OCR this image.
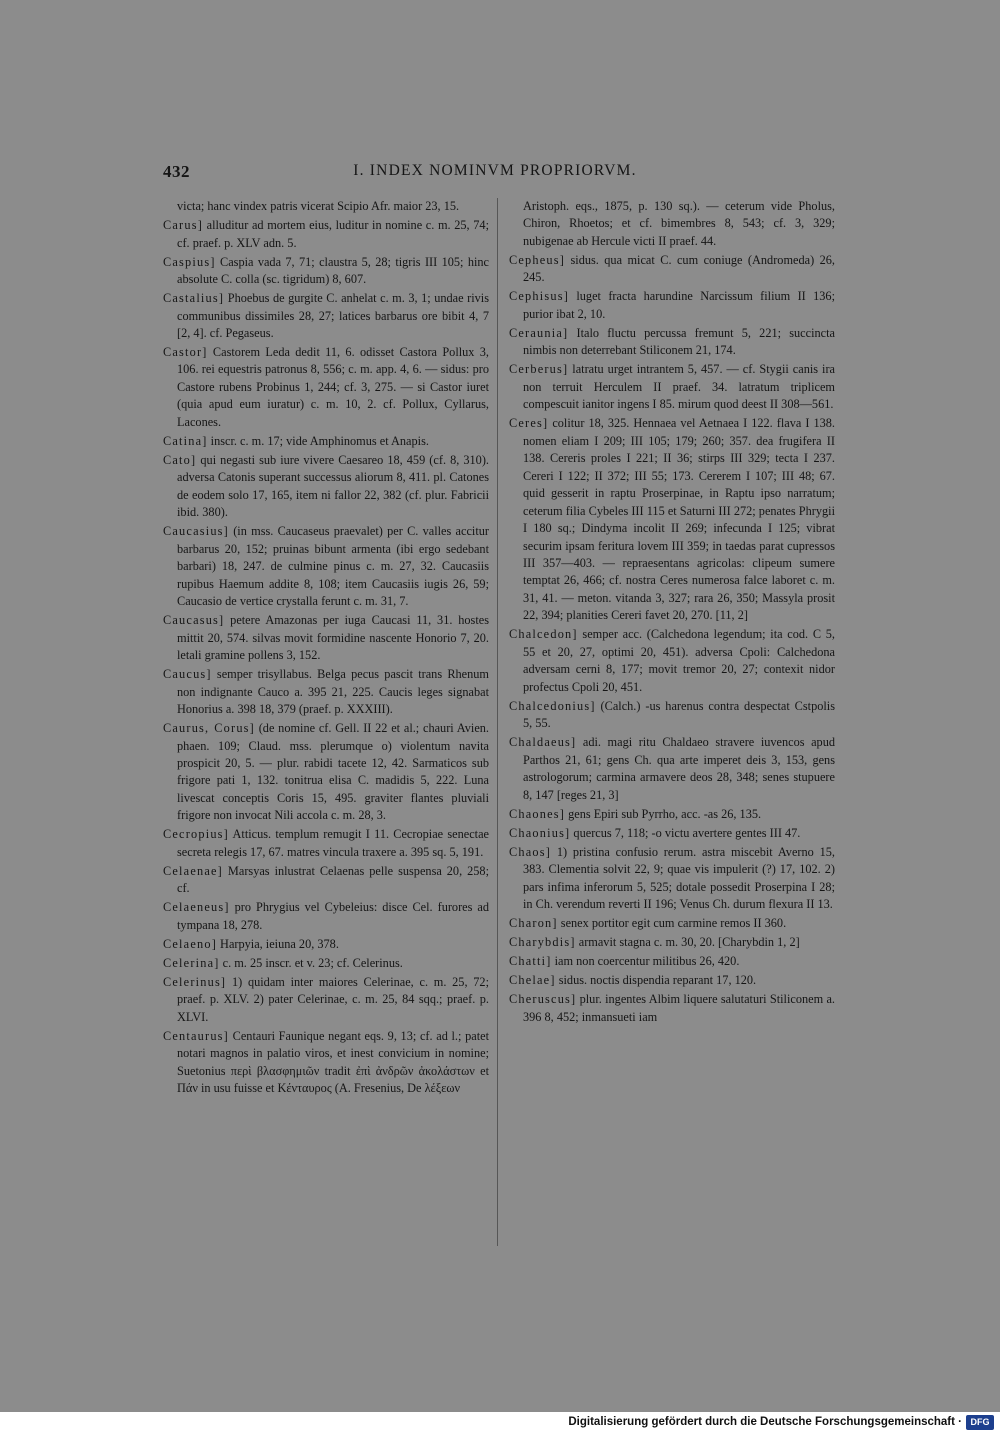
432	I. INDEX NOMINVM PROPRIORVM.

victa; hanc vindex patris vicerat Scipio Afr. maior 23, 15.

Carus] alluditur ad mortem eius, luditur in nomine c. m. 25, 74; cf. praef. p. XLV adn. 5.

Caspius] Caspia vada 7, 71; claustra 5, 28; tigris III 105; hinc absolute C. colla (sc. tigridum) 8, 607.

Castalius] Phoebus de gurgite C. anhelat c. m. 3, 1; undae rivis communibus dissimiles 28, 27; latices barbarus ore bibit 4, 7 [2, 4]. cf. Pegaseus.

Castor] Castorem Leda dedit 11, 6. odisset Castora Pollux 3, 106. rei equestris patronus 8, 556; c. m. app. 4, 6. — sidus: pro Castore rubens Probinus 1, 244; cf. 3, 275. — si Castor iuret (quia apud eum iuratur) c. m. 10, 2. cf. Pollux, Cyllarus, Lacones.

Catina] inscr. c. m. 17; vide Amphinomus et Anapis.

Cato] qui negasti sub iure vivere Caesareo 18, 459 (cf. 8, 310). adversa Catonis superant successus aliorum 8, 411. pl. Catones de eodem solo 17, 165, item ni fallor 22, 382 (cf. plur. Fabricii ibid. 380).

Caucasius] (in mss. Caucaseus praevalet) per C. valles accitur barbarus 20, 152; pruinas bibunt armenta (ibi ergo sedebant barbari) 18, 247. de culmine pinus c. m. 27, 32. Caucasiis rupibus Haemum addite 8, 108; item Caucasiis iugis 26, 59; Caucasio de vertice crystalla ferunt c. m. 31, 7.

Caucasus] petere Amazonas per iuga Caucasi 11, 31. hostes mittit 20, 574. silvas movit formidine nascente Honorio 7, 20. letali gramine pollens 3, 152.

Caucus] semper trisyllabus. Belga pecus pascit trans Rhenum non indignante Cauco a. 395 21, 225. Caucis leges signabat Honorius a. 398 18, 379 (praef. p. XXXIII).

Caurus, Corus] (de nomine cf. Gell. II 22 et al.; chauri Avien. phaen. 109; Claud. mss. plerumque o) violentum navita prospicit 20, 5. — plur. rabidi tacete 12, 42. Sarmaticos sub frigore pati 1, 132. tonitrua elisa C. madidis 5, 222. Luna livescat conceptis Coris 15, 495. graviter flantes pluviali frigore non invocat Nili accola c. m. 28, 3.

Cecropius] Atticus. templum remugit I 11. Cecropiae senectae secreta relegis 17, 67. matres vincula traxere a. 395 sq. 5, 191.

Celaenae] Marsyas inlustrat Celaenas pelle suspensa 20, 258; cf.

Celaeneus] pro Phrygius vel Cybeleius: disce Cel. furores ad tympana 18, 278.

Celaeno] Harpyia, ieiuna 20, 378.

Celerina] c. m. 25 inscr. et v. 23; cf. Celerinus.

Celerinus] 1) quidam inter maiores Celerinae, c. m. 25, 72; praef. p. XLV. 2) pater Celerinae, c. m. 25, 84 sqq.; praef. p. XLVI.

Centaurus] Centauri Faunique negant eqs. 9, 13; cf. ad l.; patet notari magnos in palatio viros, et inest convicium in nomine; Suetonius περὶ βλασφημιῶν tradit ἐπὶ ἀνδρῶν ἀκολάστων et Πάν in usu fuisse et Κένταυρος (A. Fresenius, De λέξεων

Aristoph. eqs., 1875, p. 130 sq.). — ceterum vide Pholus, Chiron, Rhoetos; et cf. bimembres 8, 543; cf. 3, 329; nubigenae ab Hercule victi II praef. 44.

Cepheus] sidus. qua micat C. cum coniuge (Andromeda) 26, 245.

Cephisus] luget fracta harundine Narcissum filium II 136; purior ibat 2, 10.

Ceraunia] Italo fluctu percussa fremunt 5, 221; succincta nimbis non deterrebant Stiliconem 21, 174.

Cerberus] latratu urget intrantem 5, 457. — cf. Stygii canis ira non terruit Herculem II praef. 34. latratum triplicem compescuit ianitor ingens I 85. mirum quod deest II 308—561.

Ceres] colitur 18, 325. Hennaea vel Aetnaea I 122. flava I 138. nomen eliam I 209; III 105; 179; 260; 357. dea frugifera II 138. Cereris proles I 221; II 36; stirps III 329; tecta I 237. Cereri I 122; II 372; III 55; 173. Cererem I 107; III 48; 67. quid gesserit in raptu Proserpinae, in Raptu ipso narratum; ceterum filia Cybeles III 115 et Saturni III 272; penates Phrygii I 180 sq.; Dindyma incolit II 269; infecunda I 125; vibrat securim ipsam feritura lovem III 359; in taedas parat cupressos III 357—403. — repraesentans agricolas: clipeum sumere temptat 26, 466; cf. nostra Ceres numerosa falce laboret c. m. 31, 41. — meton. vitanda 3, 327; rara 26, 350; Massyla prosit 22, 394; planities Cereri favet 20, 270. [11, 2]

Chalcedon] semper acc. (Calchedona legendum; ita cod. C 5, 55 et 20, 27, optimi 20, 451). adversa Cpoli: Calchedona adversam cerni 8, 177; movit tremor 20, 27; contexit nidor profectus Cpoli 20, 451.

Chalcedonius] (Calch.) -us harenus contra despectat Cstpolis 5, 55.

Chaldaeus] adi. magi ritu Chaldaeo stravere iuvencos apud Parthos 21, 61; gens Ch. qua arte imperet deis 3, 153, gens astrologorum; carmina armavere deos 28, 348; senes stupuere 8, 147 [reges 21, 3]

Chaones] gens Epiri sub Pyrrho, acc. -as 26, 135.

Chaonius] quercus 7, 118; -o victu avertere gentes III 47.

Chaos] 1) pristina confusio rerum. astra miscebit Averno 15, 383. Clementia solvit 22, 9; quae vis impulerit (?) 17, 102. 2) pars infima inferorum 5, 525; dotale possedit Proserpina I 28; in Ch. verendum reverti II 196; Venus Ch. durum flexura II 13.

Charon] senex portitor egit cum carmine remos II 360.

Charybdis] armavit stagna c. m. 30, 20. [Charybdin 1, 2]

Chatti] iam non coercentur militibus 26, 420.

Chelae] sidus. noctis dispendia reparant 17, 120.

Cheruscus] plur. ingentes Albim liquere salutaturi Stiliconem a. 396 8, 452; inmansueti iam

Digitalisierung gefördert durch die Deutsche Forschungsgemeinschaft · DFG
